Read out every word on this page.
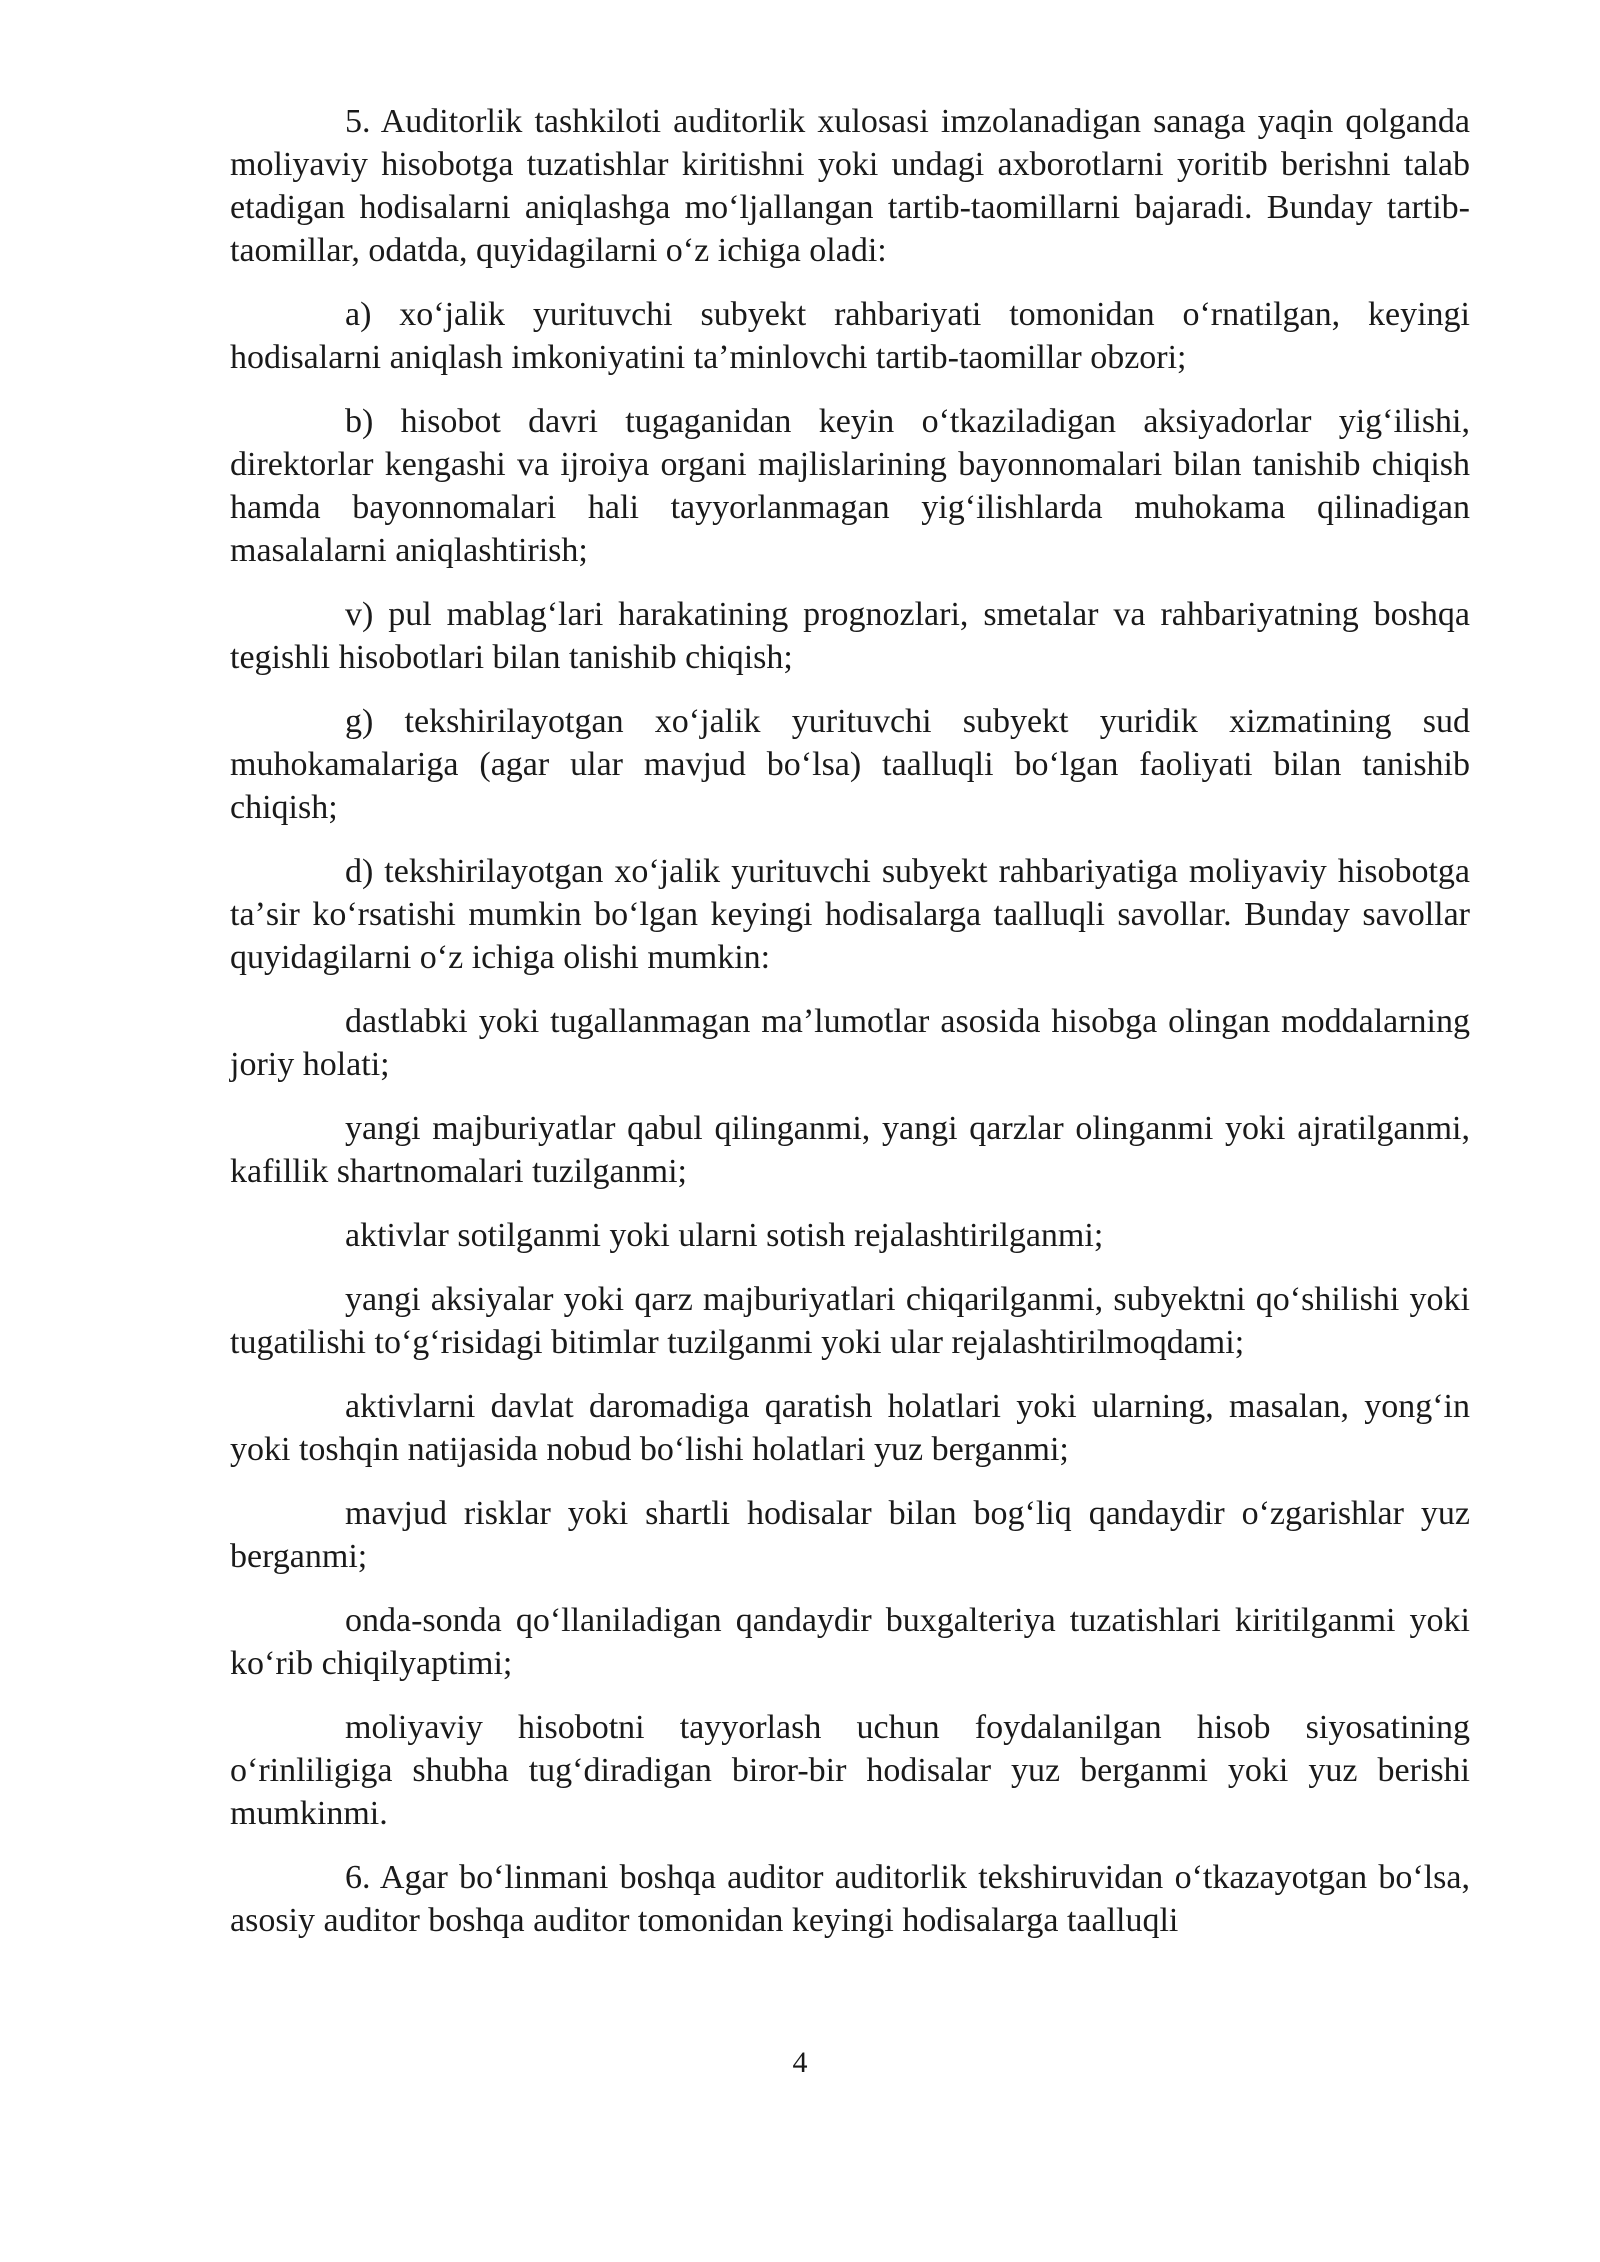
5. Auditorlik tashkiloti auditorlik xulosasi imzolanadigan sanaga yaqin qolganda moliyaviy hisobotga tuzatishlar kiritishni yoki undagi axborotlarni yoritib berishni talab etadigan hodisalarni aniqlashga moʻljallangan tartib-taomillarni bajaradi. Bunday tartib-taomillar, odatda, quyidagilarni oʻz ichiga oladi:

a) xoʻjalik yurituvchi subyekt rahbariyati tomonidan oʻrnatilgan, keyingi hodisalarni aniqlash imkoniyatini taʼminlovchi tartib-taomillar obzori;

b) hisobot davri tugaganidan keyin oʻtkaziladigan aksiyadorlar yigʻilishi, direktorlar kengashi va ijroiya organi majlislarining bayonnomalari bilan tanishib chiqish hamda bayonnomalari hali tayyorlanmagan yigʻilishlarda muhokama qilinadigan masalalarni aniqlashtirish;

v) pul mablagʻlari harakatining prognozlari, smetalar va rahbariyatning boshqa tegishli hisobotlari bilan tanishib chiqish;

g) tekshirilayotgan xoʻjalik yurituvchi subyekt yuridik xizmatining sud muhokamalariga (agar ular mavjud boʻlsa) taalluqli boʻlgan faoliyati bilan tanishib chiqish;

d) tekshirilayotgan xoʻjalik yurituvchi subyekt rahbariyatiga moliyaviy hisobotga taʼsir koʻrsatishi mumkin boʻlgan keyingi hodisalarga taalluqli savollar. Bunday savollar quyidagilarni oʻz ichiga olishi mumkin:

dastlabki yoki tugallanmagan maʼlumotlar asosida hisobga olingan moddalarning joriy holati;

yangi majburiyatlar qabul qilinganmi, yangi qarzlar olinganmi yoki ajratilganmi, kafillik shartnomalari tuzilganmi;

aktivlar sotilganmi yoki ularni sotish rejalashtirilganmi;

yangi aksiyalar yoki qarz majburiyatlari chiqarilganmi, subyektni qoʻshilishi yoki tugatilishi toʻgʻrisidagi bitimlar tuzilganmi yoki ular rejalashtirilmoqdami;

aktivlarni davlat daromadiga qaratish holatlari yoki ularning, masalan, yongʻin yoki toshqin natijasida nobud boʻlishi holatlari yuz berganmi;

mavjud risklar yoki shartli hodisalar bilan bogʻliq qandaydir oʻzgarishlar yuz berganmi;

onda-sonda qoʻllaniladigan qandaydir buxgalteriya tuzatishlari kiritilganmi yoki koʻrib chiqilyaptimi;

moliyaviy hisobotni tayyorlash uchun foydalanilgan hisob siyosatining oʻrinliligiga shubha tugʻdiradigan biror-bir hodisalar yuz berganmi yoki yuz berishi mumkinmi.

6. Agar boʻlinmani boshqa auditor auditorlik tekshiruvidan oʻtkazayotgan boʻlsa, asosiy auditor boshqa auditor tomonidan keyingi hodisalarga taalluqli

4
